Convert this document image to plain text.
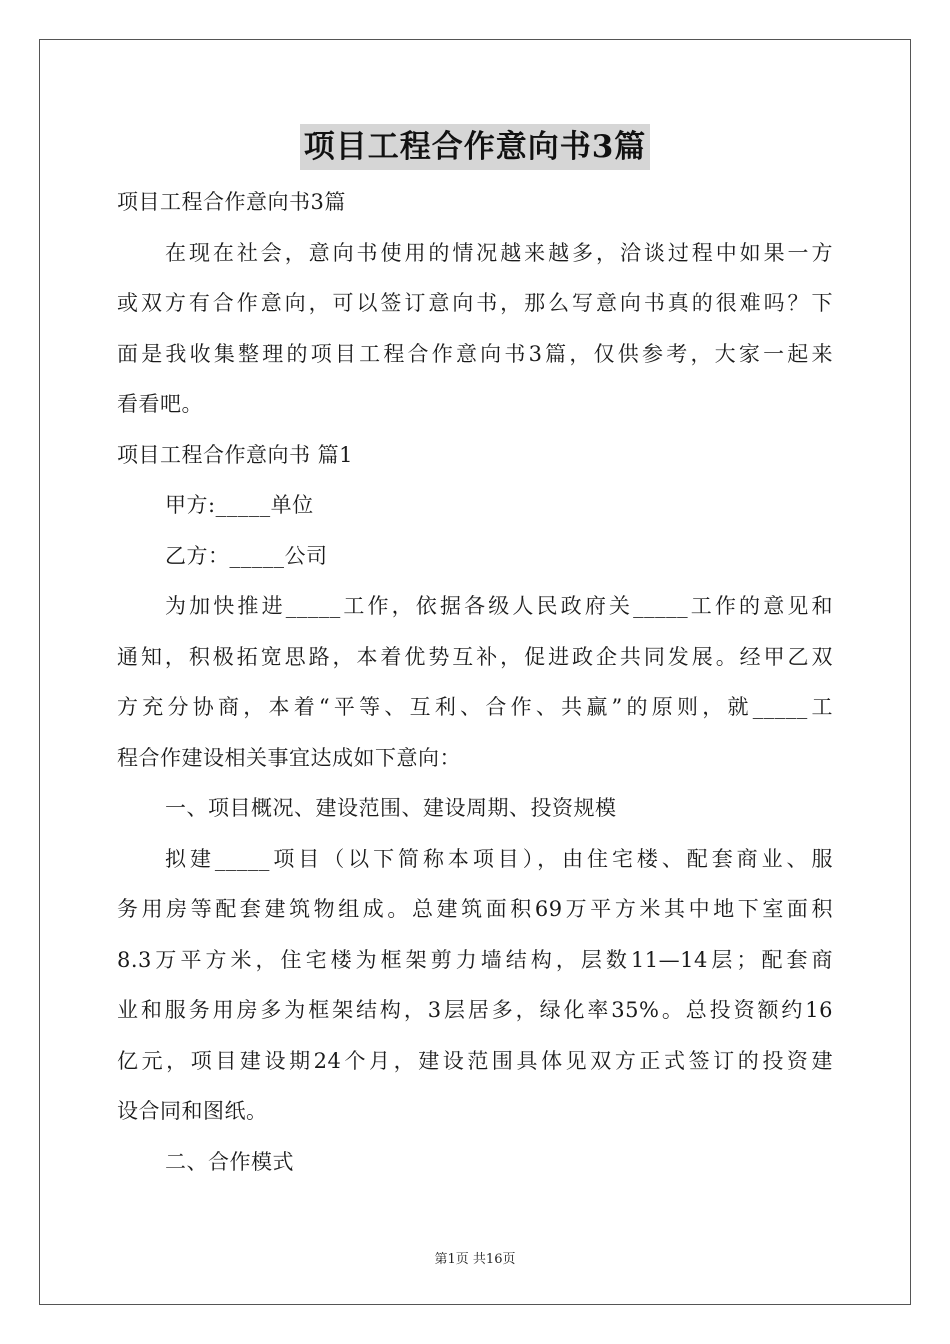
项目工程合作意向书3篇
项目工程合作意向书3篇
在现在社会，意向书使用的情况越来越多，洽谈过程中如果一方
或双方有合作意向，可以签订意向书，那么写意向书真的很难吗？下
面是我收集整理的项目工程合作意向书3篇，仅供参考，大家一起来
看看吧。
项目工程合作意向书 篇1
甲方:_____单位
乙方：_____公司
为加快推进_____工作，依据各级人民政府关_____工作的意见和
通知，积极拓宽思路，本着优势互补，促进政企共同发展。经甲乙双
方充分协商，本着“平等、互利、合作、共赢”的原则，就_____工
程合作建设相关事宜达成如下意向：
一、项目概况、建设范围、建设周期、投资规模
拟建_____项目（以下简称本项目），由住宅楼、配套商业、服
务用房等配套建筑物组成。总建筑面积69万平方米其中地下室面积
8.3万平方米，住宅楼为框架剪力墙结构，层数11—14层；配套商
业和服务用房多为框架结构，3层居多，绿化率35%。总投资额约16
亿元，项目建设期24个月，建设范围具体见双方正式签订的投资建
设合同和图纸。
二、合作模式
第1页 共16页
